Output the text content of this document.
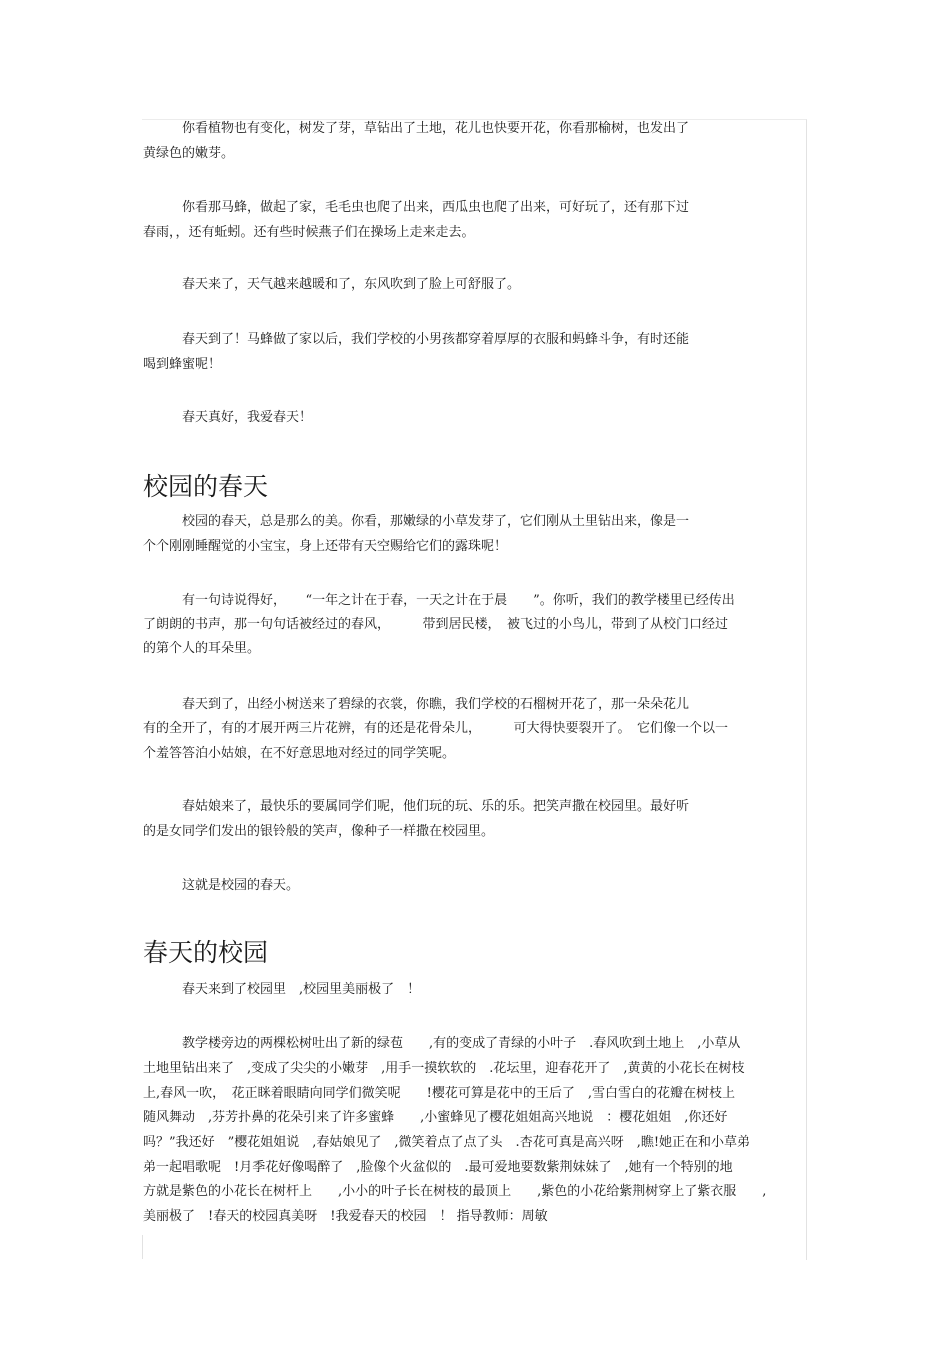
　　　你看植物也有变化，树发了芽，草钻出了土地，花儿也快要开花，你看那榆树，也发出了
黄绿色的嫩芽。
　　　你看那马蜂，做起了家，毛毛虫也爬了出来，西瓜虫也爬了出来，可好玩了，还有那下过
春雨，，还有蚯蚓。还有些时候燕子们在操场上走来走去。
　　　春天来了，天气越来越暖和了，东风吹到了脸上可舒服了。
　　　春天到了！马蜂做了家以后，我们学校的小男孩都穿着厚厚的衣服和蚂蜂斗争，有时还能
喝到蜂蜜呢！
　　　春天真好，我爱春天！
校园的春天
　　　校园的春天，总是那么的美。你看，那嫩绿的小草发芽了，它们刚从土里钻出来，像是一
个个刚刚睡醒觉的小宝宝，身上还带有天空赐给它们的露珠呢！
　　　有一句诗说得好，　　“一年之计在于春，一天之计在于晨　　”。你听，我们的教学楼里已经传出
了朗朗的书声，那一句句话被经过的春风，　　　带到居民楼，　被飞过的小鸟儿，带到了从校门口经过
的第个人的耳朵里。
　　　春天到了，出经小树送来了碧绿的衣裳，你瞧，我们学校的石榴树开花了，那一朵朵花儿
有的全开了，有的才展开两三片花辨，有的还是花骨朵儿，　　　可大得快要裂开了。　它们像一个以一
个羞答答泊小姑娘，在不好意思地对经过的同学笑呢。
　　　春姑娘来了，最快乐的要属同学们呢，他们玩的玩、乐的乐。把笑声撒在校园里。最好听
的是女同学们发出的银铃般的笑声，像种子一样撒在校园里。
　　　这就是校园的春天。
春天的校园
　　　春天来到了校园里　,校园里美丽极了　！
　　　教学楼旁边的两棵松树吐出了新的绿苞　　,有的变成了青绿的小叶子　.春风吹到土地上　,小草从
土地里钻出来了　,变成了尖尖的小嫩芽　,用手一摸软软的　.花坛里，迎春花开了　,黄黄的小花长在树枝
上,春风一吹，　花正眯着眼睛向同学们微笑呢　　!樱花可算是花中的王后了　,雪白雪白的花瓣在树枝上
随风舞动　,芬芳扑鼻的花朵引来了许多蜜蜂　　,小蜜蜂见了樱花姐姐高兴地说　：樱花姐姐　,你还好
吗？”我还好　”樱花姐姐说　,春姑娘见了　,微笑着点了点了头　.杏花可真是高兴呀　,瞧!她正在和小草弟
弟一起唱歌呢　!月季花好像喝醉了　,脸像个火盆似的　.最可爱地要数紫荆妹妹了　,她有一个特别的地
方就是紫色的小花长在树杆上　　,小小的叶子长在树枝的最顶上　　,紫色的小花给紫荆树穿上了紫衣服　　,
美丽极了　!春天的校园真美呀　!我爱春天的校园　！ 指导教师：周敏
